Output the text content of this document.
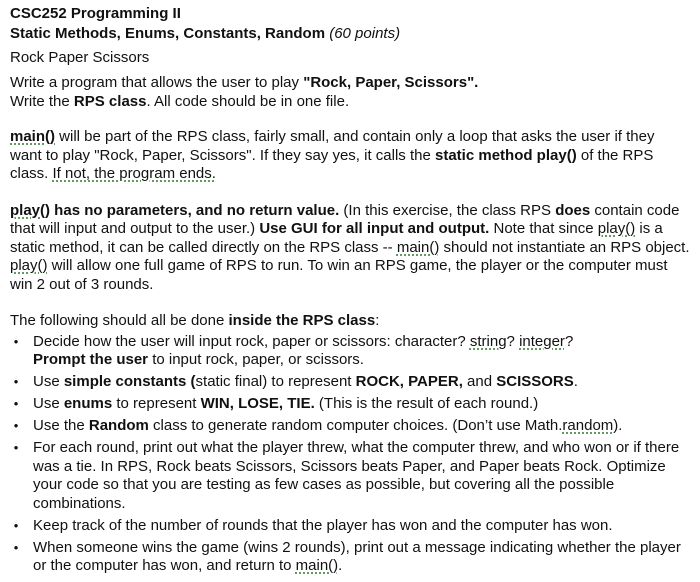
CSC252 Programming II
Static Methods, Enums, Constants, Random (60 points)
Rock Paper Scissors

Write a program that allows the user to play "Rock, Paper, Scissors".
Write the RPS class. All code should be in one file.

main() will be part of the RPS class, fairly small, and contain only a loop that asks the user if they want to play "Rock, Paper, Scissors". If they say yes, it calls the static method play() of the RPS class. If not, the program ends.

play() has no parameters, and no return value. (In this exercise, the class RPS does contain code that will input and output to the user.) Use GUI for all input and output. Note that since play() is a static method, it can be called directly on the RPS class -- main() should not instantiate an RPS object. play() will allow one full game of RPS to run. To win an RPS game, the player or the computer must win 2 out of 3 rounds.

The following should all be done inside the RPS class:
• Decide how the user will input rock, paper or scissors: character? string? integer?
Prompt the user to input rock, paper, or scissors.
• Use simple constants (static final) to represent ROCK, PAPER, and SCISSORS.
• Use enums to represent WIN, LOSE, TIE. (This is the result of each round.)
• Use the Random class to generate random computer choices. (Don’t use Math.random).
• For each round, print out what the player threw, what the computer threw, and who won or if there was a tie. In RPS, Rock beats Scissors, Scissors beats Paper, and Paper beats Rock. Optimize your code so that you are testing as few cases as possible, but covering all the possible combinations.
• Keep track of the number of rounds that the player has won and the computer has won.
• When someone wins the game (wins 2 rounds), print out a message indicating whether the player or the computer has won, and return to main().
